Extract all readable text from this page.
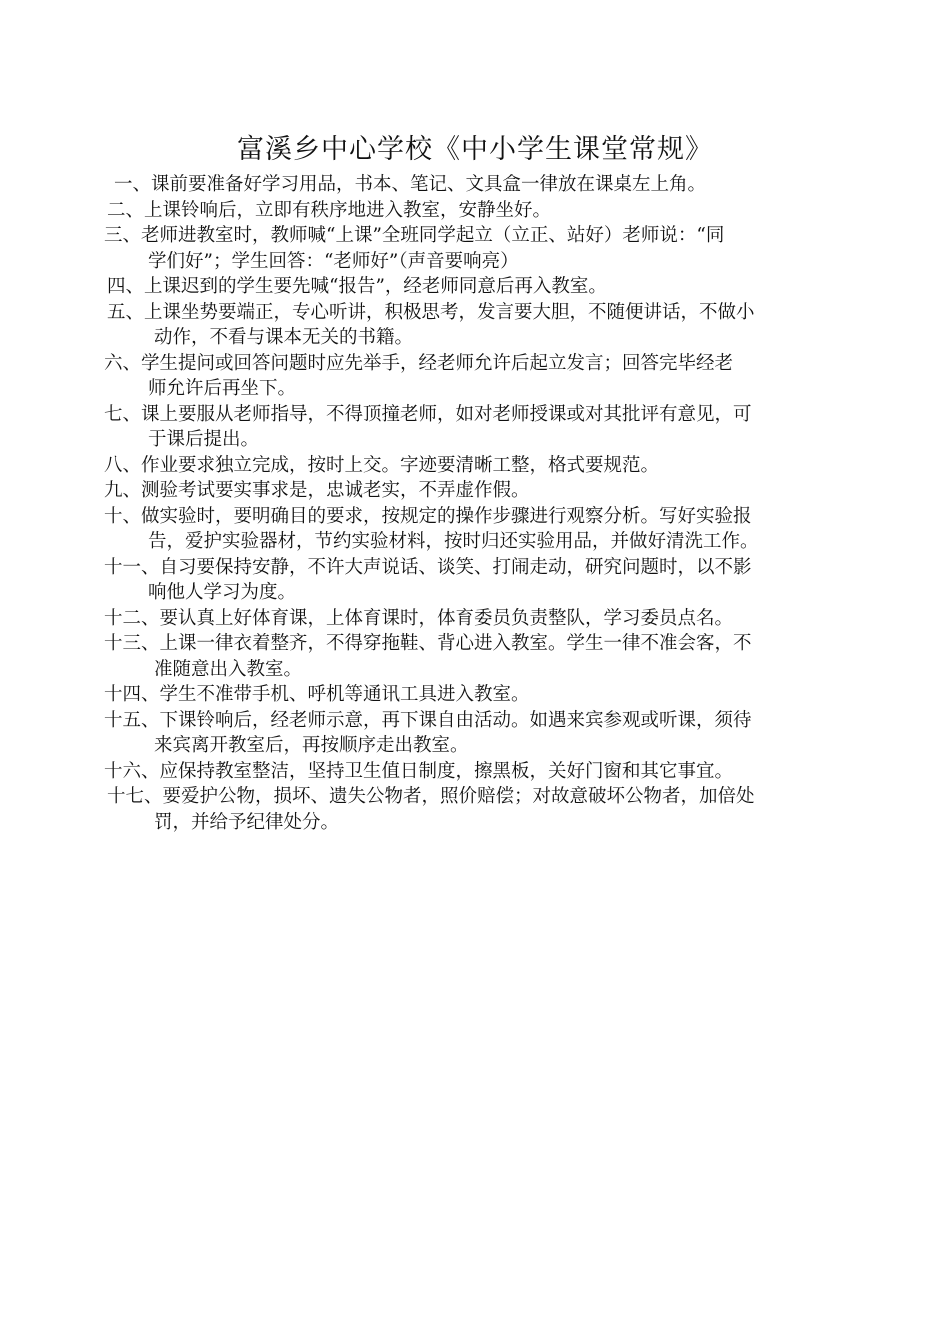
富溪乡中心学校《中小学生课堂常规》
一、课前要准备好学习用品，书本、笔记、文具盒一律放在课桌左上角。
二、上课铃响后，立即有秩序地进入教室，安静坐好。
三、老师进教室时，教师喊“上课”全班同学起立（立正、站好）老师说：“同
学们好”；学生回答：“老师好”（声音要响亮）
四、上课迟到的学生要先喊“报告”，经老师同意后再入教室。
五、上课坐势要端正，专心听讲，积极思考，发言要大胆，不随便讲话，不做小
动作，不看与课本无关的书籍。
六、学生提问或回答问题时应先举手，经老师允许后起立发言；回答完毕经老
师允许后再坐下。
七、课上要服从老师指导，不得顶撞老师，如对老师授课或对其批评有意见，可
于课后提出。
八、作业要求独立完成，按时上交。字迹要清晰工整，格式要规范。
九、测验考试要实事求是，忠诚老实，不弄虚作假。
十、做实验时，要明确目的要求，按规定的操作步骤进行观察分析。写好实验报
告，爱护实验器材，节约实验材料，按时归还实验用品，并做好清洗工作。
十一、自习要保持安静，不许大声说话、谈笑、打闹走动，研究问题时，以不影
响他人学习为度。
十二、要认真上好体育课，上体育课时，体育委员负责整队，学习委员点名。
十三、上课一律衣着整齐，不得穿拖鞋、背心进入教室。学生一律不准会客，不
准随意出入教室。
十四、学生不准带手机、呼机等通讯工具进入教室。
十五、下课铃响后，经老师示意，再下课自由活动。如遇来宾参观或听课，须待
来宾离开教室后，再按顺序走出教室。
十六、应保持教室整洁，坚持卫生值日制度，擦黑板，关好门窗和其它事宜。
十七、要爱护公物，损坏、遗失公物者，照价赔偿；对故意破坏公物者，加倍处
罚，并给予纪律处分。
